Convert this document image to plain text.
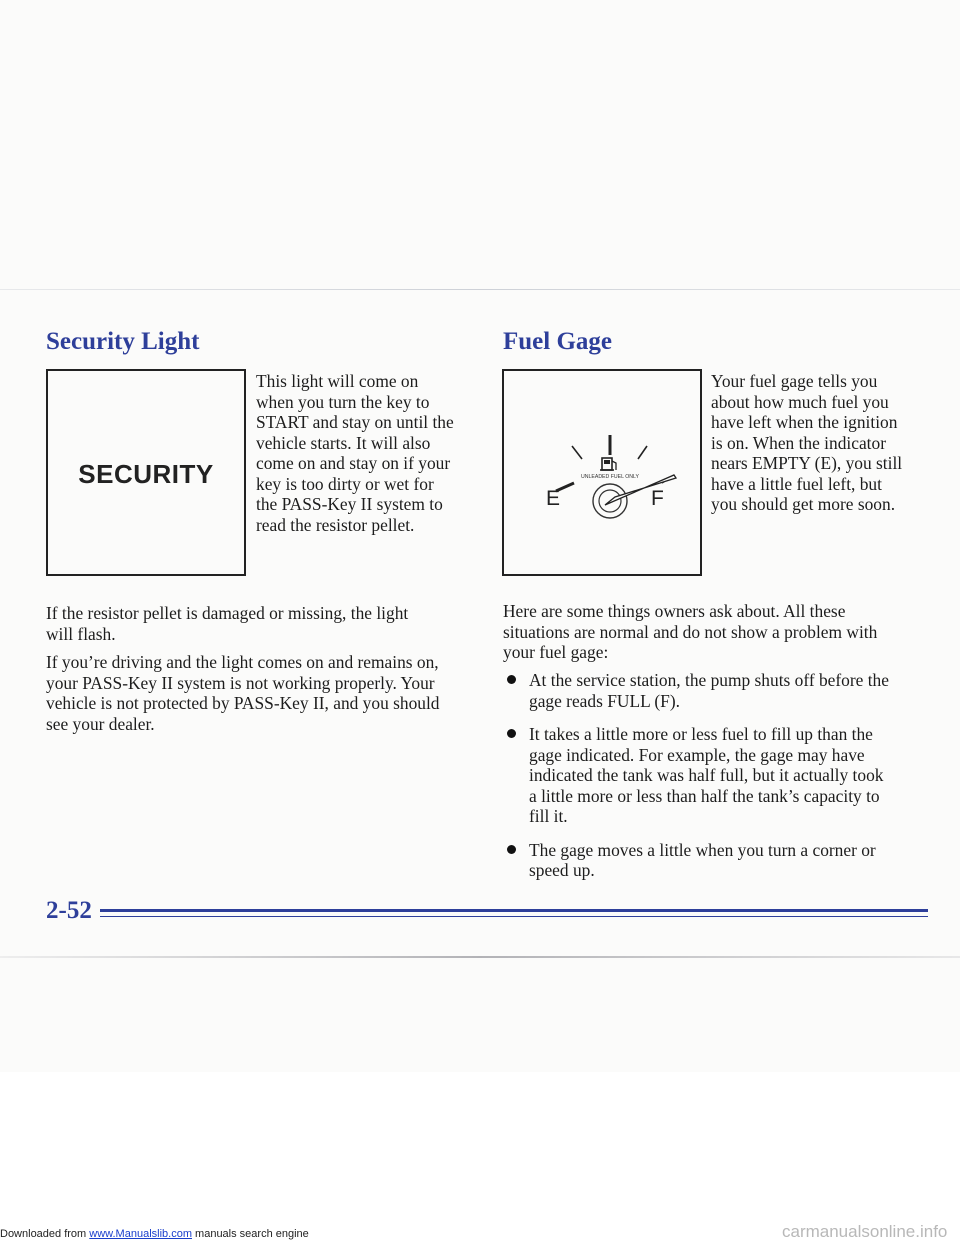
Security Light
SECURITY
This light will come on
when you turn the key to
START and stay on until the
vehicle starts. It will also
come on and stay on if your
key is too dirty or wet for
the PASS-Key II system to
read the resistor pellet.
If the resistor pellet is damaged or missing, the light
will flash.
If you’re driving and the light comes on and remains on,
your PASS-Key II system is not working properly. Your
vehicle is not protected by PASS-Key II, and you should
see your dealer.
Fuel Gage
UNLEADED FUEL ONLY
E	F
Your fuel gage tells you
about how much fuel you
have left when the ignition
is on. When the indicator
nears EMPTY (E), you still
have a little fuel left, but
you should get more soon.
Here are some things owners ask about. All these
situations are normal and do not show a problem with
your fuel gage:
At the service station, the pump shuts off before the
gage reads FULL (F).
It takes a little more or less fuel to fill up than the
gage indicated. For example, the gage may have
indicated the tank was half full, but it actually took
a little more or less than half the tank’s capacity to
fill it.
The gage moves a little when you turn a corner or
speed up.
2-52
Downloaded from www.Manualslib.com manuals search engine	carmanualsonline.info
